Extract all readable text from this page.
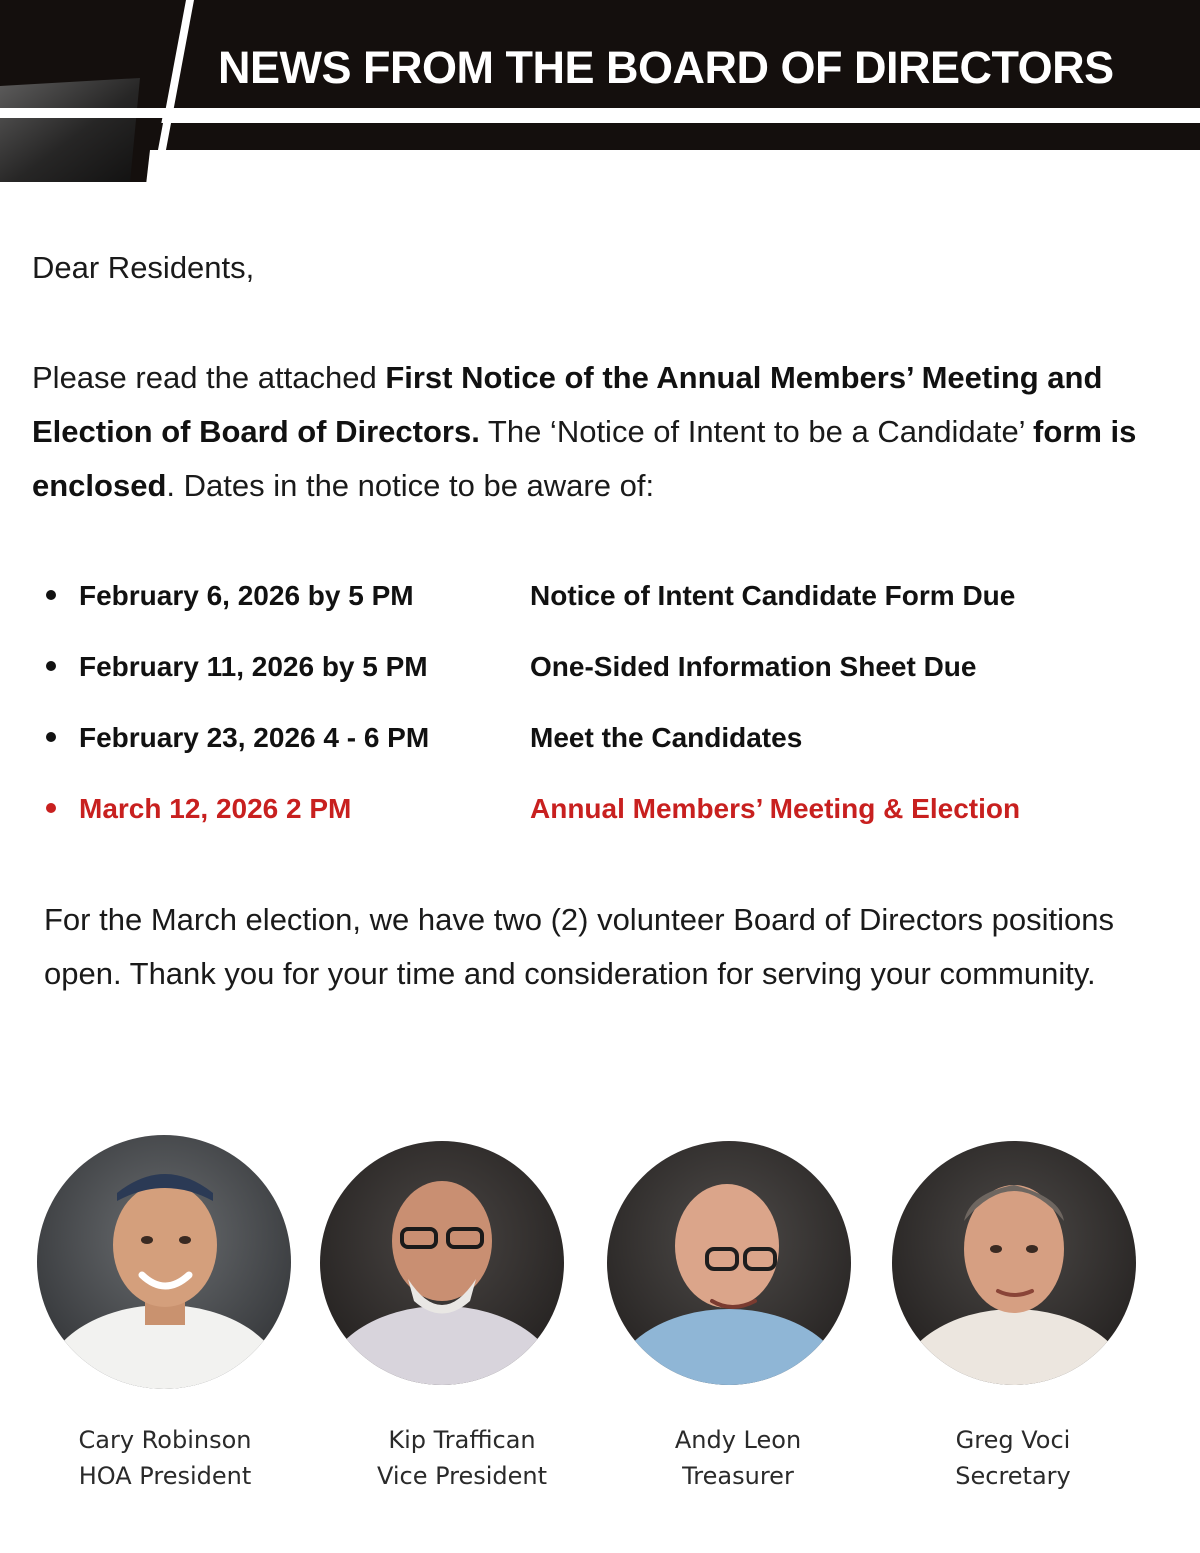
NEWS FROM THE BOARD OF DIRECTORS
Dear Residents,
Please read the attached First Notice of the Annual Members’ Meeting and Election of Board of Directors. The ‘Notice of Intent to be a Candidate’ form is enclosed. Dates in the notice to be aware of:
February 6, 2026 by 5 PM	Notice of Intent Candidate Form Due
February 11, 2026 by 5 PM	One-Sided Information Sheet Due
February 23, 2026 4 - 6 PM	Meet the Candidates
March 12, 2026 2 PM	Annual Members’ Meeting & Election
For the March election, we have two (2) volunteer Board of Directors positions open. Thank you for your time and consideration for serving your community.
Cary Robinson
HOA President
Kip Traffican
Vice President
Andy Leon
Treasurer
Greg Voci
Secretary
